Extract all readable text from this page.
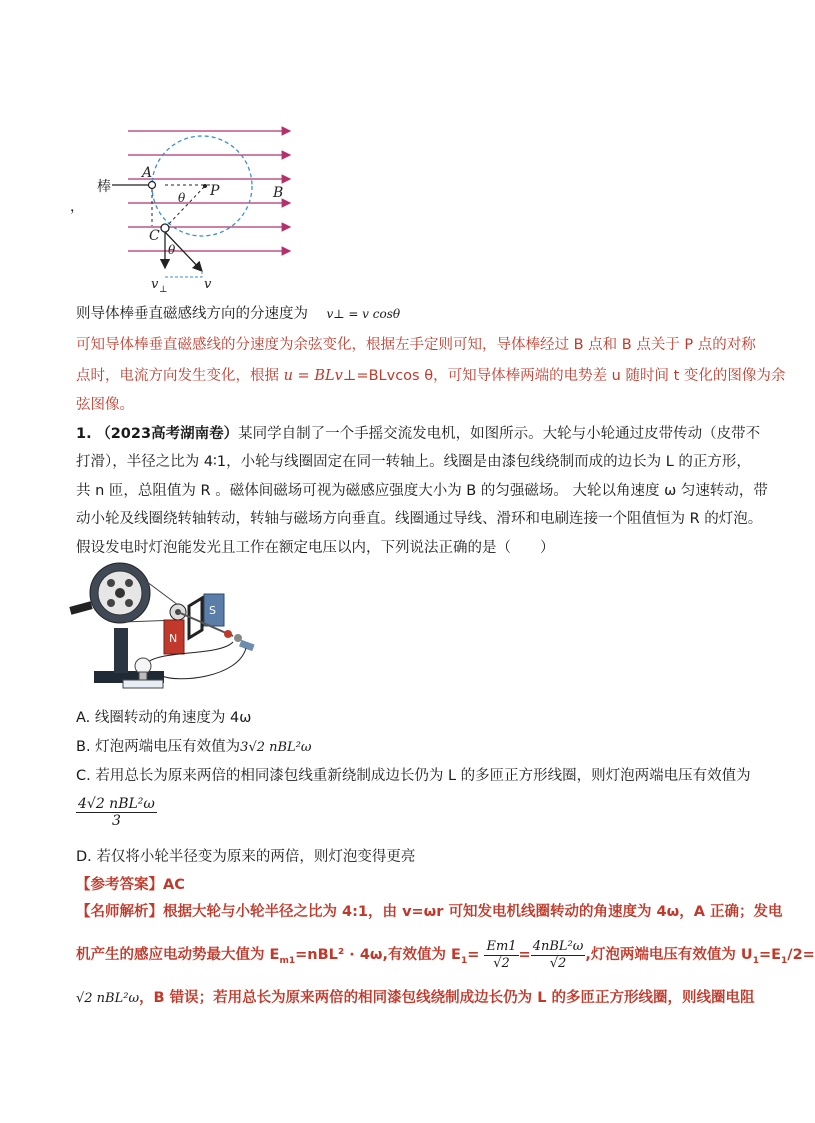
棒
A
P	B
C
θ
θ
v ⊥	v
，
则导体棒垂直磁感线方向的分速度为 v⊥ = v cosθ
可知导体棒垂直磁感线的分速度为余弦变化，根据左手定则可知，导体棒经过 B 点和 B 点关于 P 点的对称
点时，电流方向发生变化，根据 u = BLv⊥=BLvcos θ，可知导体棒两端的电势差 u 随时间 t 变化的图像为余
弦图像。
1. （2023高考湖南卷）某同学自制了一个手摇交流发电机，如图所示。大轮与小轮通过皮带传动（皮带不
打滑），半径之比为 4∶1，小轮与线圈固定在同一转轴上。线圈是由漆包线绕制而成的边长为 L 的正方形，
共 n 匝，总阻值为 R 。磁体间磁场可视为磁感应强度大小为 B 的匀强磁场。 大轮以角速度 ω 匀速转动，带
动小轮及线圈绕转轴转动，转轴与磁场方向垂直。线圈通过导线、滑环和电刷连接一个阻值恒为 R 的灯泡。
假设发电时灯泡能发光且工作在额定电压以内，下列说法正确的是（　　）
N
S
A. 线圈转动的角速度为 4ω
B. 灯泡两端电压有效值为3√2 nBL²ω
C. 若用总长为原来两倍的相同漆包线重新绕制成边长仍为 L 的多匝正方形线圈，则灯泡两端电压有效值为
$\frac{\text{4√2 nBL²ω}}{3}$
D. 若仅将小轮半径变为原来的两倍，则灯泡变得更亮
【参考答案】AC
【名师解析】根据大轮与小轮半径之比为 4:1，由 v=ωr 可知发电机线圈转动的角速度为 4ω，A 正确；发电
机产生的感应电动势最大值为 $E_{m1}=nBL^2 \cdot 4\omega$,有效值为 $E_1= \frac{Em1}{√2} = \frac{\text{4nBL²ω}}{√2}$ ,灯泡两端电压有效值为 $U_1=E_1/2=$
√2 nBL²ω，B 错误；若用总长为原来两倍的相同漆包线绕制成边长仍为 L 的多匝正方形线圈，则线圈电阻
